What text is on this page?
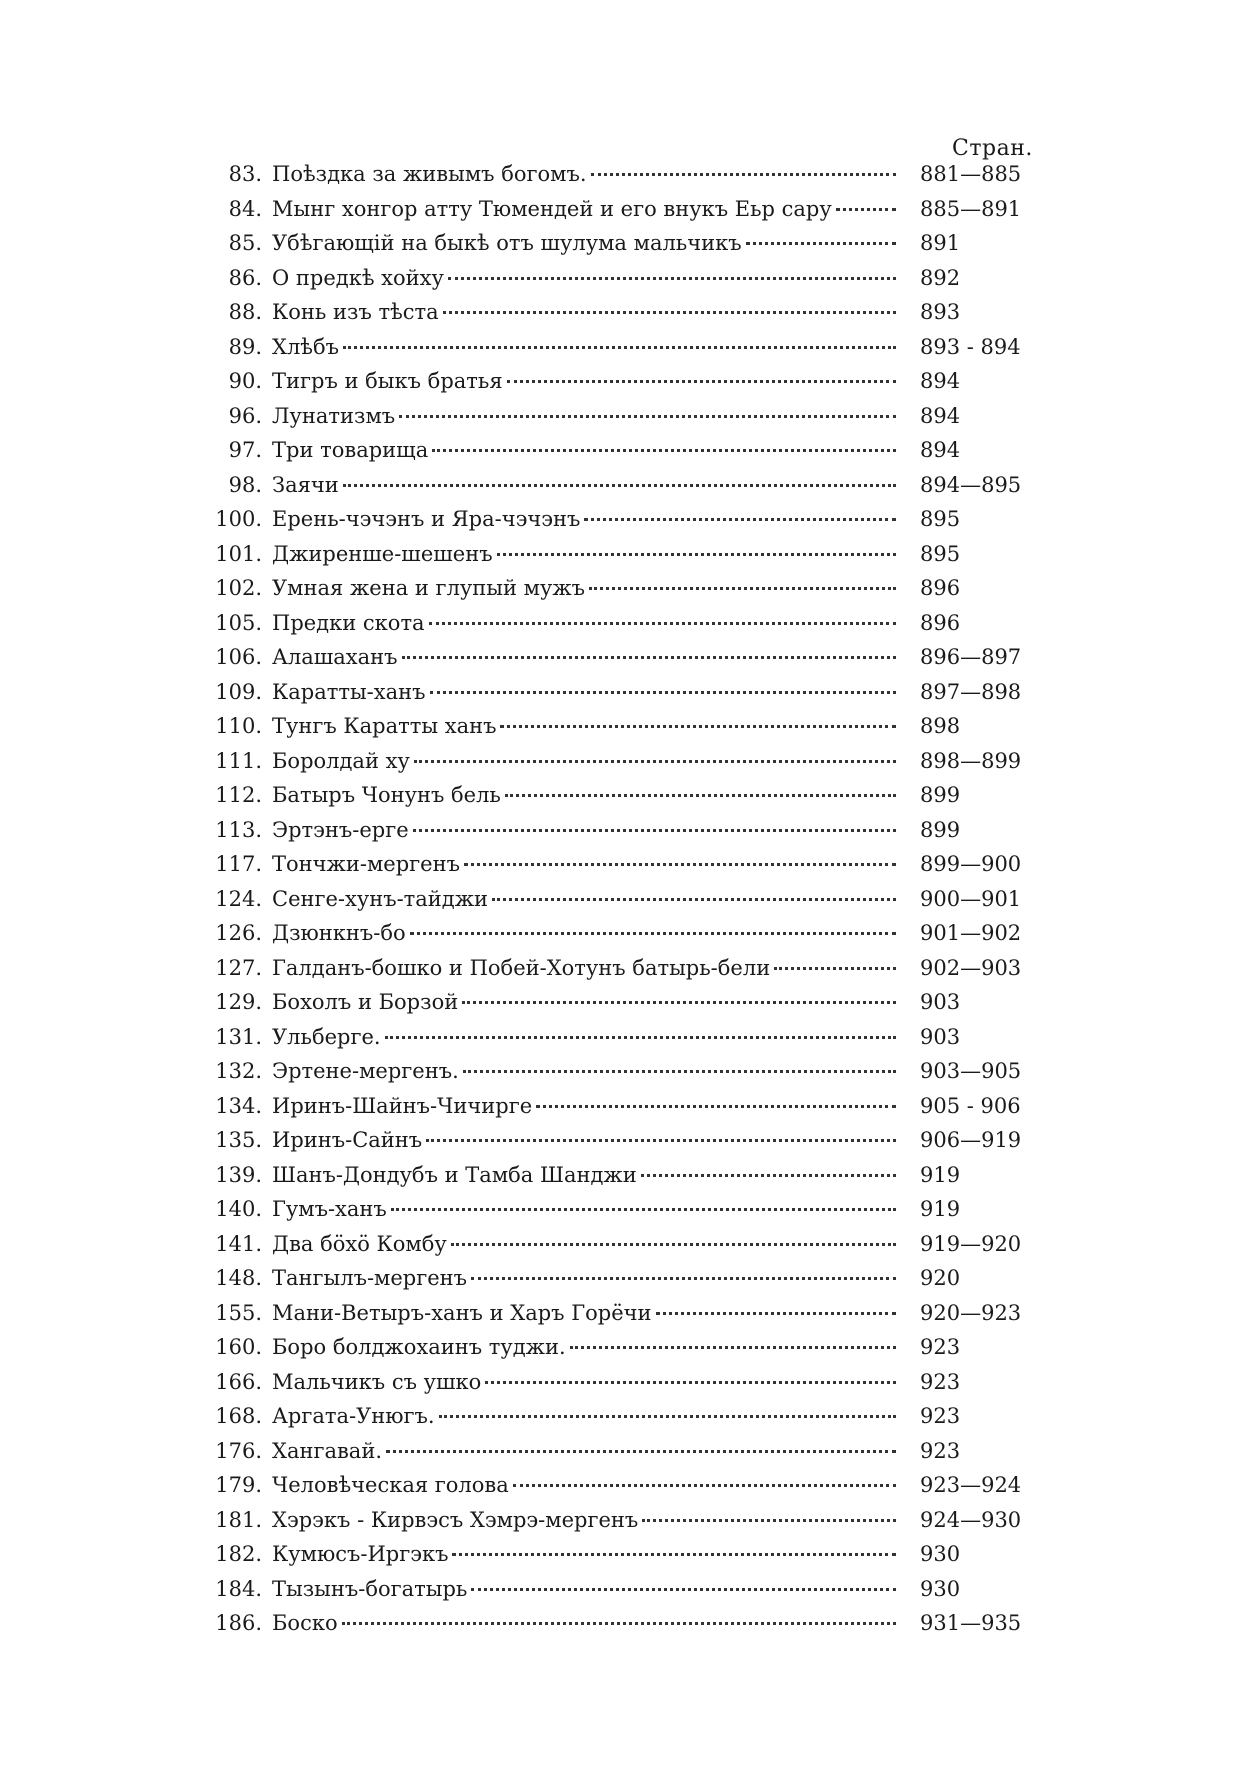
Стран.
83. Поѣздка за живымъ богомъ.	881—885
84. Мынг хонгор атту Тюмендей и его внукъ Еьр сару	885—891
85. Убѣгающій на быкѣ отъ шулума мальчикъ	891
86. О предкѣ хойху	892
88. Конь изъ тѣста	893
89. Хлѣбъ	893 - 894
90. Тигръ и быкъ братья	894
96. Лунатизмъ	894
97. Три товарища	894
98. Заячи	894—895
100. Ерень-чэчэнъ и Яра-чэчэнъ	895
101. Джиренше-шешенъ	895
102. Умная жена и глупый мужъ	896
105. Предки скота	896
106. Алашаханъ	896—897
109. Каратты-ханъ	897—898
110. Тунгъ Каратты ханъ	898
111. Боролдай ху	898—899
112. Батыръ Чонунъ бель	899
113. Эртэнъ-ерге	899
117. Тончжи-мергенъ	899—900
124. Сенге-хунъ-тайджи	900—901
126. Дзюнкнъ-бо	901—902
127. Галданъ-бошко и Побей-Хотунъ батырь-бели	902—903
129. Бохолъ и Борзой	903
131. Ульберге.	903
132. Эртене-мергенъ.	903—905
134. Иринъ-Шайнъ-Чичирге	905 - 906
135. Иринъ-Сайнъ	906—919
139. Шанъ-Дондубъ и Тамба Шанджи	919
140. Гумъ-ханъ	919
141. Два бöхö Комбу	919—920
148. Тангылъ-мергенъ	920
155. Мани-Ветыръ-ханъ и Харъ Горёчи	920—923
160. Боро болджохаинъ туджи.	923
166. Мальчикъ съ ушко	923
168. Аргата-Унюгъ.	923
176. Хангавай.	923
179. Человѣческая голова	923—924
181. Хэрэкъ - Кирвэсъ Хэмрэ-мергенъ	924—930
182. Кумюсъ-Иргэкъ	930
184. Тызынъ-богатырь	930
186. Боско	931—935
